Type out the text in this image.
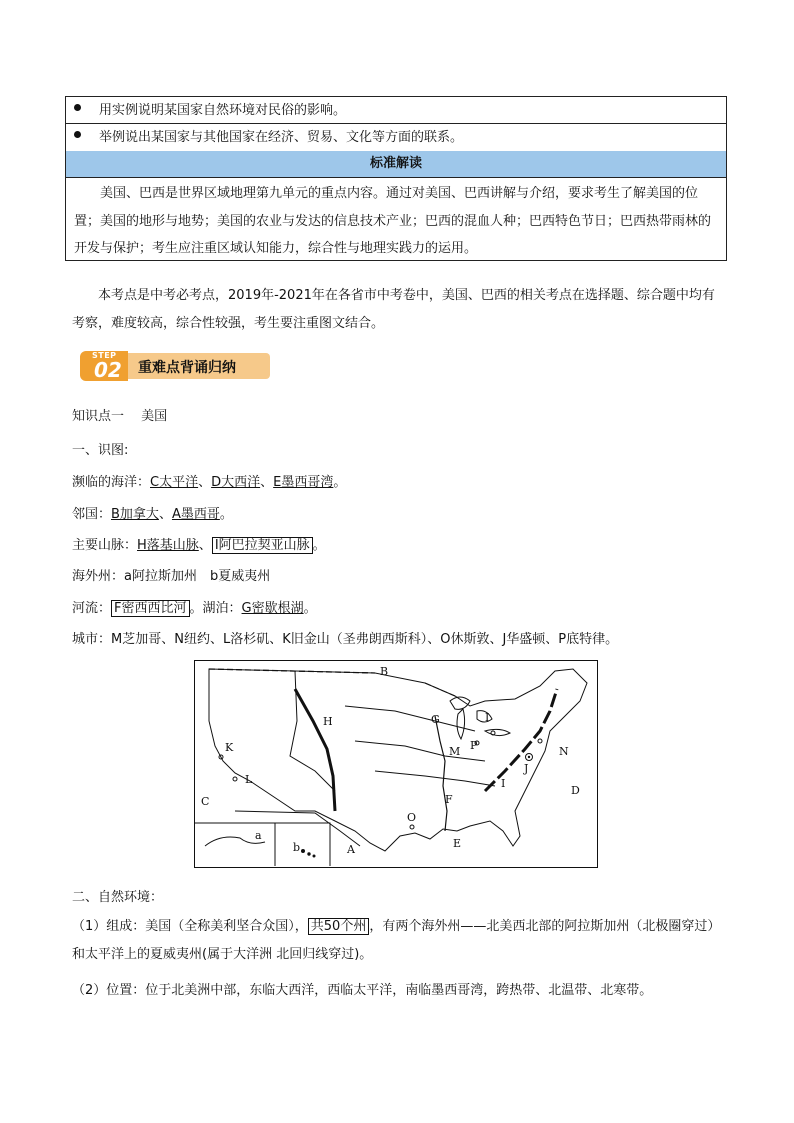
用实例说明某国家自然环境对民俗的影响。
举例说出某国家与其他国家在经济、贸易、文化等方面的联系。
标准解读
美国、巴西是世界区域地理第九单元的重点内容。通过对美国、巴西讲解与介绍，要求考生了解美国的位置；美国的地形与地势；美国的农业与发达的信息技术产业；巴西的混血人种；巴西特色节日；巴西热带雨林的开发与保护；考生应注重区域认知能力，综合性与地理实践力的运用。
本考点是中考必考点，2019年-2021年在各省市中考卷中，美国、巴西的相关考点在选择题、综合题中均有考察，难度较高，综合性较强，考生要注重图文结合。
STEP
02 重难点背诵归纳
知识点一　 美国
一、识图:
濒临的海洋：C太平洋、D大西洋、E墨西哥湾。
邻国：B加拿大、A墨西哥。
主要山脉：H落基山脉、 I阿巴拉契亚山脉 。
海外州：a阿拉斯加州　b夏威夷州
河流： F密西西比河 。湖泊：G密歇根湖。
城市：M芝加哥、N纽约、L洛杉矶、K旧金山（圣弗朗西斯科）、O休斯敦、J华盛顿、P底特律。
B
H	G	I
P
M	N
J
K
L
C	F
I
D
O
E
A
a
b
二、自然环境：
（1）组成：美国（全称美利坚合众国）， 共50个州 ，有两个海外州——北美西北部的阿拉斯加州（北极圈穿过）和太平洋上的夏威夷州(属于大洋洲 北回归线穿过)。
（2）位置：位于北美洲中部，东临大西洋，西临太平洋，南临墨西哥湾，跨热带、北温带、北寒带。
